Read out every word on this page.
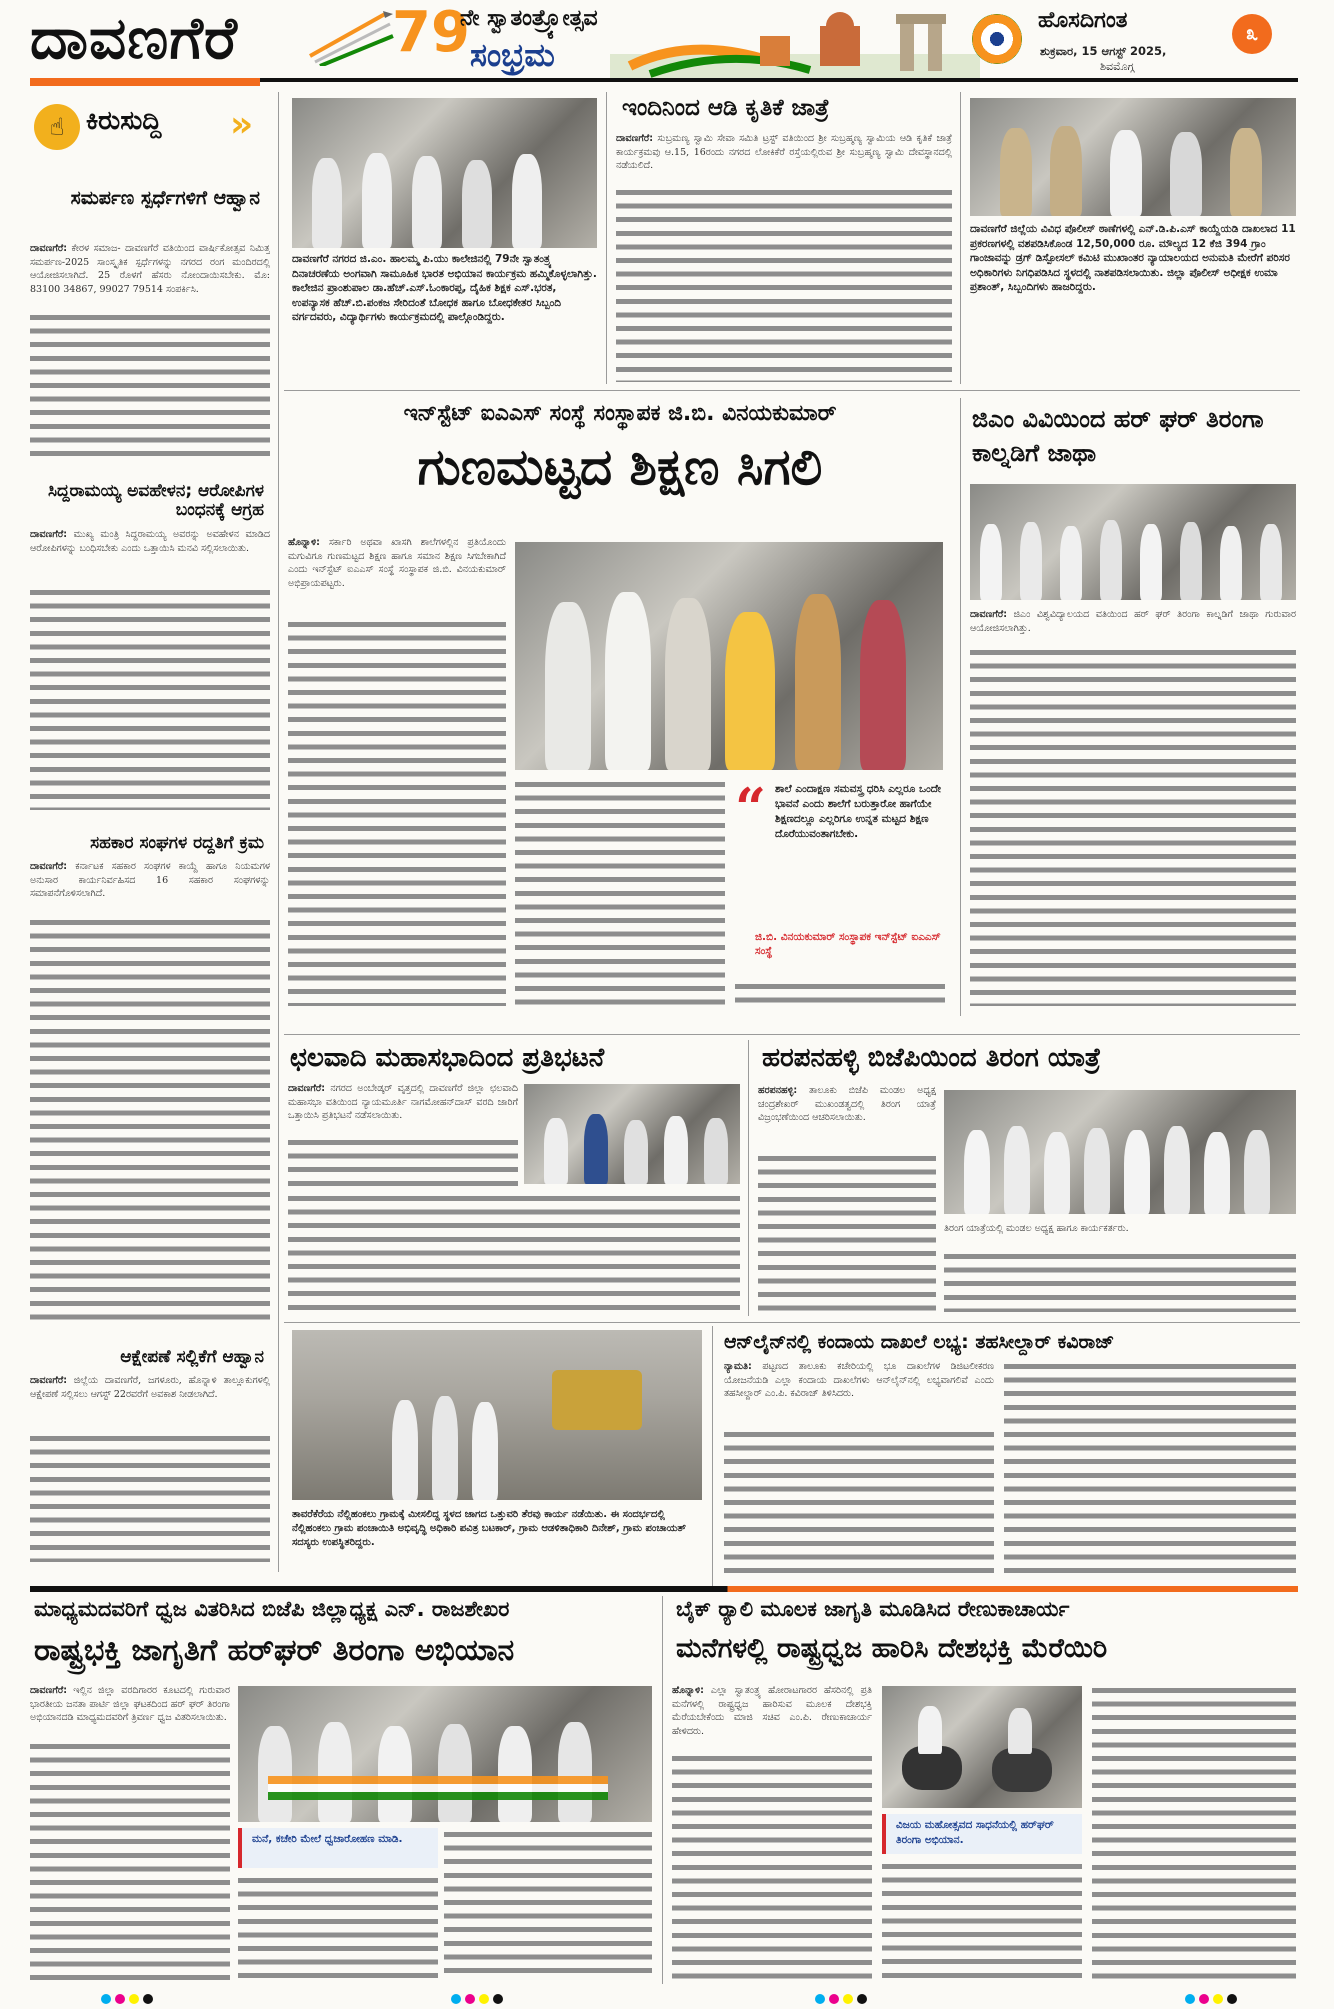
ದಾವಣಗೆರೆ	79
ನೇ ಸ್ವಾತಂತ್ರ್ಯೋತ್ಸವ
ಸಂಭ್ರಮ
ಹೊಸದಿಗಂತ
ಶುಕ್ರವಾರ, 15 ಆಗಸ್ಟ್ 2025,
ಶಿವಮೊಗ್ಗ
೩
☝ ಕಿರುಸುದ್ದಿ »
ಸಮರ್ಪಣ ಸ್ಪರ್ಧೆಗಳಿಗೆ ಆಹ್ವಾನ
ದಾವಣಗೆರೆ: ಕೇರಳ ಸಮಾಜ- ದಾವಣಗೆರೆ ವತಿಯಿಂದ ವಾರ್ಷಿಕೋತ್ಸವ ನಿಮಿತ್ತ ಸಮರ್ಪಣ-2025 ಸಾಂಸ್ಕೃತಿಕ ಸ್ಪರ್ಧೆಗಳನ್ನು ನಗರದ ರಂಗ ಮಂದಿರದಲ್ಲಿ ಆಯೋಜಿಸಲಾಗಿದೆ. 25 ರೊಳಗೆ ಹೆಸರು ನೋಂದಾಯಿಸಬೇಕು. ಮೊ: 83100 34867, 99027 79514 ಸಂಪರ್ಕಿಸಿ.
ಸಿದ್ದರಾಮಯ್ಯ ಅವಹೇಳನ; ಆರೋಪಿಗಳ ಬಂಧನಕ್ಕೆ ಆಗ್ರಹ
ದಾವಣಗೆರೆ: ಮುಖ್ಯ ಮಂತ್ರಿ ಸಿದ್ದರಾಮಯ್ಯ ಅವರನ್ನು ಅವಹೇಳನ ಮಾಡಿದ ಆರೋಪಿಗಳನ್ನು ಬಂಧಿಸಬೇಕು ಎಂದು ಒತ್ತಾಯಿಸಿ ಮನವಿ ಸಲ್ಲಿಸಲಾಯಿತು.
ಸಹಕಾರ ಸಂಘಗಳ ರದ್ದತಿಗೆ ಕ್ರಮ
ದಾವಣಗೆರೆ: ಕರ್ನಾಟಕ ಸಹಕಾರ ಸಂಘಗಳ ಕಾಯ್ದೆ ಹಾಗೂ ನಿಯಮಗಳ ಅನುಸಾರ ಕಾರ್ಯನಿರ್ವಹಿಸದ 16 ಸಹಕಾರ ಸಂಘಗಳನ್ನು ಸಮಾಪನೆಗೊಳಿಸಲಾಗಿದೆ.
ಆಕ್ಷೇಪಣೆ ಸಲ್ಲಿಕೆಗೆ ಆಹ್ವಾನ
ದಾವಣಗೆರೆ: ಜಿಲ್ಲೆಯ ದಾವಣಗೆರೆ, ಜಗಳೂರು, ಹೊನ್ನಾಳಿ ತಾಲ್ಲೂಕುಗಳಲ್ಲಿ ಆಕ್ಷೇಪಣೆ ಸಲ್ಲಿಸಲು ಆಗಸ್ಟ್ 22ರವರೆಗೆ ಅವಕಾಶ ನೀಡಲಾಗಿದೆ.
ದಾವಣಗೆರೆ ನಗರದ ಜಿ.ಎಂ. ಹಾಲಮ್ಮ ಪಿ.ಯು ಕಾಲೇಜಿನಲ್ಲಿ 79ನೇ ಸ್ವಾತಂತ್ರ್ಯ ದಿನಾಚರಣೆಯ ಅಂಗವಾಗಿ ಸಾಮೂಹಿಕ ಭಾರತ ಅಭಿಯಾನ ಕಾರ್ಯಕ್ರಮ ಹಮ್ಮಿಕೊಳ್ಳಲಾಗಿತ್ತು. ಕಾಲೇಜಿನ ಪ್ರಾಂಶುಪಾಲ ಡಾ.ಹೆಚ್.ಎಸ್.ಓಂಕಾರಪ್ಪ, ದೈಹಿಕ ಶಿಕ್ಷಕ ಎಸ್.ಭರತ, ಉಪನ್ಯಾಸಕ ಹೆಚ್.ಬಿ.ಪಂಕಜ ಸೇರಿದಂತೆ ಬೋಧಕ ಹಾಗೂ ಬೋಧಕೇತರ ಸಿಬ್ಬಂದಿ ವರ್ಗದವರು, ವಿದ್ಯಾರ್ಥಿಗಳು ಕಾರ್ಯಕ್ರಮದಲ್ಲಿ ಪಾಲ್ಗೊಂಡಿದ್ದರು.
ಇಂದಿನಿಂದ ಆಡಿ ಕೃತಿಕೆ ಜಾತ್ರೆ
ದಾವಣಗೆರೆ: ಸುಬ್ರಮಣ್ಯ ಸ್ವಾಮಿ ಸೇವಾ ಸಮಿತಿ ಟ್ರಸ್ಟ್ ವತಿಯಿಂದ ಶ್ರೀ ಸುಬ್ರಹ್ಮಣ್ಯ ಸ್ವಾಮಿಯ ಆಡಿ ಕೃತಿಕೆ ಜಾತ್ರೆ ಕಾರ್ಯಕ್ರಮವು ಆ.15, 16ರಂದು ನಗರದ ಲೋಕಿಕೆರೆ ರಸ್ತೆಯಲ್ಲಿರುವ ಶ್ರೀ ಸುಬ್ರಹ್ಮಣ್ಯ ಸ್ವಾಮಿ ದೇವಸ್ಥಾನದಲ್ಲಿ ನಡೆಯಲಿದೆ.
ದಾವಣಗೆರೆ ಜಿಲ್ಲೆಯ ವಿವಿಧ ಪೊಲೀಸ್ ಠಾಣೆಗಳಲ್ಲಿ ಎನ್.ಡಿ.ಪಿ.ಎಸ್ ಕಾಯ್ದೆಯಡಿ ದಾಖಲಾದ 11 ಪ್ರಕರಣಗಳಲ್ಲಿ ವಶಪಡಿಸಿಕೊಂಡ 12,50,000 ರೂ. ಮೌಲ್ಯದ 12 ಕೆಜಿ 394 ಗ್ರಾಂ ಗಾಂಜಾವನ್ನು ಡ್ರಗ್ ಡಿಸ್ಪೋಸಲ್ ಕಮಿಟಿ ಮುಖಾಂತರ ನ್ಯಾಯಾಲಯದ ಅನುಮತಿ ಮೇರೆಗೆ ಪರಿಸರ ಅಧಿಕಾರಿಗಳು ನಿಗಧಿಪಡಿಸಿದ ಸ್ಥಳದಲ್ಲಿ ನಾಶಪಡಿಸಲಾಯಿತು. ಜಿಲ್ಲಾ ಪೊಲೀಸ್ ಅಧೀಕ್ಷಕ ಉಮಾ ಪ್ರಶಾಂತ್, ಸಿಬ್ಬಂದಿಗಳು ಹಾಜರಿದ್ದರು.
ಇನ್‌ಸ್ಟೆಟ್ ಐಎಎಸ್ ಸಂಸ್ಥೆ ಸಂಸ್ಥಾಪಕ ಜಿ.ಬಿ. ವಿನಯಕುಮಾರ್
ಗುಣಮಟ್ಟದ ಶಿಕ್ಷಣ ಸಿಗಲಿ
ಹೊನ್ನಾಳಿ: ಸರ್ಕಾರಿ ಅಥವಾ ಖಾಸಗಿ ಶಾಲೆಗಳಲ್ಲಿನ ಪ್ರತಿಯೊಂದು ಮಗುವಿಗೂ ಗುಣಮಟ್ಟದ ಶಿಕ್ಷಣ ಹಾಗೂ ಸಮಾನ ಶಿಕ್ಷಣ ಸಿಗಬೇಕಾಗಿದೆ ಎಂದು ಇನ್‌ಸ್ಟೆಟ್ ಐಎಎಸ್ ಸಂಸ್ಥೆ ಸಂಸ್ಥಾಪಕ ಜಿ.ಬಿ. ವಿನಯಕುಮಾರ್ ಅಭಿಪ್ರಾಯಪಟ್ಟರು.
“ ಶಾಲೆ ಎಂದಾಕ್ಷಣ ಸಮವಸ್ತ್ರ ಧರಿಸಿ ಎಲ್ಲರೂ ಒಂದೇ ಭಾವನೆ ಎಂದು ಶಾಲೆಗೆ ಬರುತ್ತಾರೋ ಹಾಗೆಯೇ ಶಿಕ್ಷಣದಲ್ಲೂ ಎಲ್ಲರಿಗೂ ಉನ್ನತ ಮಟ್ಟದ ಶಿಕ್ಷಣ ದೊರೆಯುವಂತಾಗಬೇಕು.
ಜಿ.ಬಿ. ವಿನಯಕುಮಾರ್ ಸಂಸ್ಥಾಪಕ ಇನ್‌ಸ್ಟೆಟ್ ಐಎಎಸ್ ಸಂಸ್ಥೆ
ಜಿಎಂ ವಿವಿಯಿಂದ ಹರ್ ಘರ್ ತಿರಂಗಾ ಕಾಲ್ನಡಿಗೆ ಜಾಥಾ
ದಾವಣಗೆರೆ: ಜಿಎಂ ವಿಶ್ವವಿದ್ಯಾಲಯದ ವತಿಯಿಂದ ಹರ್ ಘರ್ ತಿರಂಗಾ ಕಾಲ್ನಡಿಗೆ ಜಾಥಾ ಗುರುವಾರ ಆಯೋಜಿಸಲಾಗಿತ್ತು.
ಛಲವಾದಿ ಮಹಾಸಭಾದಿಂದ ಪ್ರತಿಭಟನೆ
ದಾವಣಗೆರೆ: ನಗರದ ಅಂಬೇಡ್ಕರ್ ವೃತ್ತದಲ್ಲಿ ದಾವಣಗೆರೆ ಜಿಲ್ಲಾ ಛಲವಾದಿ ಮಹಾಸಭಾ ವತಿಯಿಂದ ನ್ಯಾಯಮೂರ್ತಿ ನಾಗಮೋಹನ್‌ದಾಸ್ ವರದಿ ಜಾರಿಗೆ ಒತ್ತಾಯಿಸಿ ಪ್ರತಿಭಟನೆ ನಡೆಸಲಾಯಿತು.
ಹರಪನಹಳ್ಳಿ ಬಿಜೆಪಿಯಿಂದ ತಿರಂಗ ಯಾತ್ರೆ
ಹರಪನಹಳ್ಳಿ: ತಾಲೂಕು ಬಿಜೆಪಿ ಮಂಡಲ ಅಧ್ಯಕ್ಷ ಚಂದ್ರಶೇಖರ್ ಮುಖಂಡತ್ವದಲ್ಲಿ ತಿರಂಗ ಯಾತ್ರೆ ವಿಜ್ರಂಭಣೆಯಿಂದ ಆಚರಿಸಲಾಯಿತು.
ತಿರಂಗ ಯಾತ್ರೆಯಲ್ಲಿ ಮಂಡಲ ಅಧ್ಯಕ್ಷ ಹಾಗೂ ಕಾರ್ಯಕರ್ತರು.
ತಾವರೆಕೆರೆಯ ನೆಲ್ಲಿಹಂಕಲು ಗ್ರಾಮಕ್ಕೆ ಮೀಸಲಿದ್ದ ಸ್ಥಳದ ಜಾಗದ ಒತ್ತುವರಿ ತೆರವು ಕಾರ್ಯ ನಡೆಯಿತು. ಈ ಸಂದರ್ಭದಲ್ಲಿ ನೆಲ್ಲಿಹಂಕಲು ಗ್ರಾಮ ಪಂಚಾಯಿತಿ ಅಭಿವೃದ್ಧಿ ಅಧಿಕಾರಿ ಪವಿತ್ರ ಬಟಕಾರ್, ಗ್ರಾಮ ಆಡಳಿತಾಧಿಕಾರಿ ದಿನೇಶ್, ಗ್ರಾಮ ಪಂಚಾಯತ್ ಸದಸ್ಯರು ಉಪಸ್ಥಿತರಿದ್ದರು.
ಆನ್‌ಲೈನ್‌ನಲ್ಲಿ ಕಂದಾಯ ದಾಖಲೆ ಲಭ್ಯ: ತಹಸೀಲ್ದಾರ್ ಕವಿರಾಜ್
ನ್ಯಾಮತಿ: ಪಟ್ಟಣದ ತಾಲೂಕು ಕಚೇರಿಯಲ್ಲಿ ಭೂ ದಾಖಲೆಗಳ ಡಿಜಿಟಲೀಕರಣ ಯೋಜನೆಯಡಿ ಎಲ್ಲಾ ಕಂದಾಯ ದಾಖಲೆಗಳು ಆನ್‌ಲೈನ್‌ನಲ್ಲಿ ಲಭ್ಯವಾಗಲಿವೆ ಎಂದು ತಹಸೀಲ್ದಾರ್ ಎಂ.ಪಿ. ಕವಿರಾಜ್ ತಿಳಿಸಿದರು.
ಮಾಧ್ಯಮದವರಿಗೆ ಧ್ವಜ ವಿತರಿಸಿದ ಬಿಜೆಪಿ ಜಿಲ್ಲಾಧ್ಯಕ್ಷ ಎನ್. ರಾಜಶೇಖರ
ರಾಷ್ಟ್ರಭಕ್ತಿ ಜಾಗೃತಿಗೆ ಹರ್‌ಘರ್ ತಿರಂಗಾ ಅಭಿಯಾನ
ದಾವಣಗೆರೆ: ಇಲ್ಲಿನ ಜಿಲ್ಲಾ ವರದಿಗಾರರ ಕೂಟದಲ್ಲಿ ಗುರುವಾರ ಭಾರತೀಯ ಜನತಾ ಪಾರ್ಟಿ ಜಿಲ್ಲಾ ಘಟಕದಿಂದ ಹರ್ ಘರ್ ತಿರಂಗಾ ಅಭಿಯಾನದಡಿ ಮಾಧ್ಯಮದವರಿಗೆ ತ್ರಿವರ್ಣ ಧ್ವಜ ವಿತರಿಸಲಾಯಿತು.
ಮನೆ, ಕಚೇರಿ ಮೇಲೆ ಧ್ವಜಾರೋಹಣ ಮಾಡಿ.
ಬೈಕ್ ರ‍್ಯಾಲಿ ಮೂಲಕ ಜಾಗೃತಿ ಮೂಡಿಸಿದ ರೇಣುಕಾಚಾರ್ಯ
ಮನೆಗಳಲ್ಲಿ ರಾಷ್ಟ್ರಧ್ವಜ ಹಾರಿಸಿ ದೇಶಭಕ್ತಿ ಮೆರೆಯಿರಿ
ಹೊನ್ನಾಳಿ: ಎಲ್ಲಾ ಸ್ವಾತಂತ್ರ್ಯ ಹೋರಾಟಗಾರರ ಹೆಸರಿನಲ್ಲಿ ಪ್ರತಿ ಮನೆಗಳಲ್ಲಿ ರಾಷ್ಟ್ರಧ್ವಜ ಹಾರಿಸುವ ಮೂಲಕ ದೇಶಭಕ್ತಿ ಮೆರೆಯಬೇಕೆಂದು ಮಾಜಿ ಸಚಿವ ಎಂ.ಪಿ. ರೇಣುಕಾಚಾರ್ಯ ಹೇಳಿದರು.
ವಿಜಯ ಮಹೋತ್ಸವದ ಸಾಧನೆಯಲ್ಲಿ ಹರ್‌ಘರ್ ತಿರಂಗಾ ಅಭಿಯಾನ.
